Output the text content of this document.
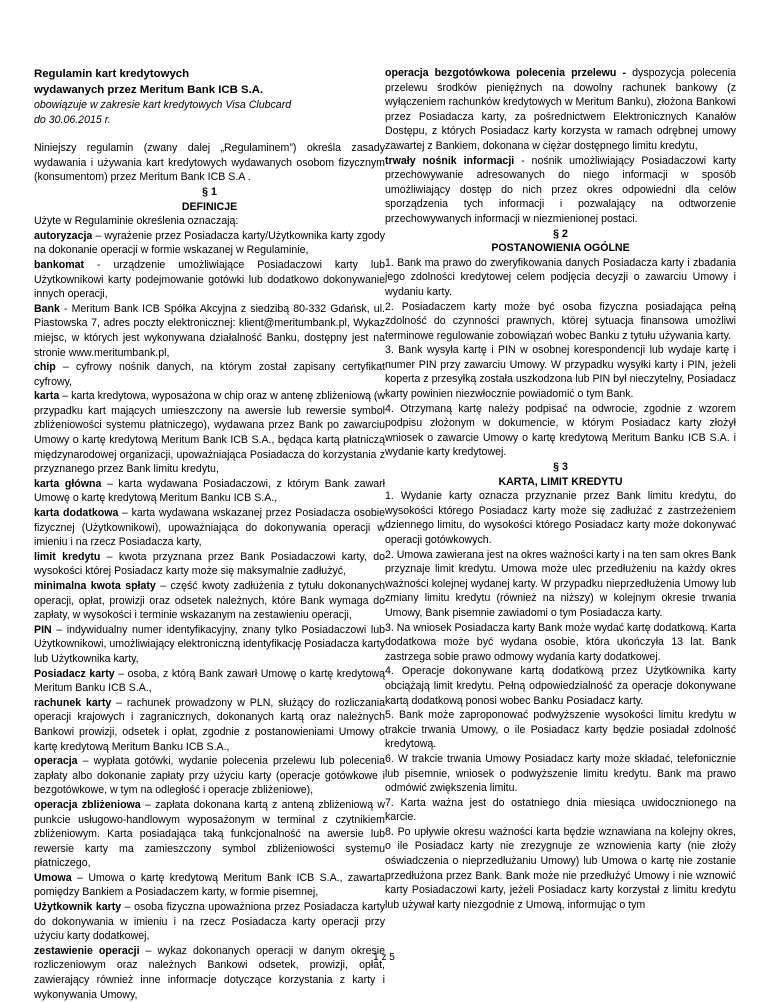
Regulamin kart kredytowych

wydawanych przez Meritum Bank ICB S.A.

obowiązuje w zakresie kart kredytowych Visa Clubcard

do 30.06.2015 r.

Niniejszy regulamin (zwany dalej „Regulaminem”) określa zasady wydawania i używania kart kredytowych wydawanych osobom fizycznym (konsumentom) przez Meritum Bank ICB S.A .

§ 1

DEFINICJE

Użyte w Regulaminie określenia oznaczają:

autoryzacja – wyrażenie przez Posiadacza karty/Użytkownika karty zgody na dokonanie operacji w formie wskazanej w Regulaminie,

bankomat - urządzenie umożliwiające Posiadaczowi karty lub Użytkownikowi karty podejmowanie gotówki lub dodatkowo dokonywanie innych operacji,

Bank - Meritum Bank ICB Spółka Akcyjna z siedzibą 80-332 Gdańsk, ul. Piastowska 7, adres poczty elektronicznej: klient@meritumbank.pl, Wykaz miejsc, w których jest wykonywana działalność Banku, dostępny jest na stronie www.meritumbank.pl,

chip – cyfrowy nośnik danych, na którym został zapisany certyfikat cyfrowy,

karta – karta kredytowa, wyposażona w chip oraz w antenę zbliżeniową (w przypadku kart mających umieszczony na awersie lub rewersie symbol zbliżeniowości systemu płatniczego), wydawana przez Bank po zawarciu Umowy o kartę kredytową Meritum Bank ICB S.A., będąca kartą płatniczą międzynarodowej organizacji, upoważniająca Posiadacza do korzystania z przyznanego przez Bank limitu kredytu,

karta główna – karta wydawana Posiadaczowi, z którym Bank zawarł Umowę o kartę kredytową Meritum Banku ICB S.A.,

karta dodatkowa – karta wydawana wskazanej przez Posiadacza osobie fizycznej (Użytkownikowi), upoważniająca do dokonywania operacji w imieniu i na rzecz Posiadacza karty,

limit kredytu – kwota przyznana przez Bank Posiadaczowi karty, do wysokości której Posiadacz karty może się maksymalnie zadłużyć,

minimalna kwota spłaty – część kwoty zadłużenia z tytułu dokonanych operacji, opłat, prowizji oraz odsetek należnych, które Bank wymaga do zapłaty, w wysokości i terminie wskazanym na zestawieniu operacji,

PIN – indywidualny numer identyfikacyjny, znany tylko Posiadaczowi lub Użytkownikowi, umożliwiający elektroniczną identyfikację Posiadacza karty lub Użytkownika karty,

Posiadacz karty – osoba, z którą Bank zawarł Umowę o kartę kredytową Meritum Banku ICB S.A.,

rachunek karty – rachunek prowadzony w PLN, służący do rozliczania operacji krajowych i zagranicznych, dokonanych kartą oraz należnych Bankowi prowizji, odsetek i opłat, zgodnie z postanowieniami Umowy o kartę kredytową Meritum Banku ICB S.A.,

operacja – wypłata gotówki, wydanie polecenia przelewu lub polecenia zapłaty albo dokonanie zapłaty przy użyciu karty (operacje gotówkowe i bezgotówkowe, w tym na odległość i operacje zbliżeniowe),

operacja zbliżeniowa – zapłata dokonana kartą z anteną zbliżeniową w punkcie usługowo-handlowym wyposażonym w terminal z czytnikiem zbliżeniowym. Karta posiadająca taką funkcjonalność na awersie lub rewersie karty ma zamieszczony symbol zbliżeniowości systemu płatniczego,

Umowa – Umowa o kartę kredytową Meritum Bank ICB S.A., zawarta pomiędzy Bankiem a Posiadaczem karty, w formie pisemnej,

Użytkownik karty – osoba fizyczna upoważniona przez Posiadacza karty do dokonywania w imieniu i na rzecz Posiadacza karty operacji przy użyciu karty dodatkowej,

zestawienie operacji – wykaz dokonanych operacji w danym okresie rozliczeniowym oraz należnych Bankowi odsetek, prowizji, opłat, zawierający również inne informacje dotyczące korzystania z karty i wykonywania Umowy,

operacja bezgotówkowa polecenia przelewu - dyspozycja polecenia przelewu środków pieniężnych na dowolny rachunek bankowy (z wyłączeniem rachunków kredytowych w Meritum Banku), złożona Bankowi przez Posiadacza karty, za pośrednictwem Elektronicznych Kanałów Dostępu, z których Posiadacz karty korzysta w ramach odrębnej umowy zawartej z Bankiem, dokonana w ciężar dostępnego limitu kredytu,

trwały nośnik informacji - nośnik umożliwiający Posiadaczowi karty przechowywanie adresowanych do niego informacji w sposób umożliwiający dostęp do nich przez okres odpowiedni dla celów sporządzenia tych informacji i pozwalający na odtworzenie przechowywanych informacji w niezmienionej postaci.

§ 2

POSTANOWIENIA OGÓLNE

1. Bank ma prawo do zweryfikowania danych Posiadacza karty i zbadania jego zdolności kredytowej celem podjęcia decyzji o zawarciu Umowy i wydaniu karty.

2. Posiadaczem karty może być osoba fizyczna posiadająca pełną zdolność do czynności prawnych, której sytuacja finansowa umożliwi terminowe regulowanie zobowiązań wobec Banku z tytułu używania karty.

3. Bank wysyła kartę i PIN w osobnej korespondencji lub wydaje kartę i numer PIN przy zawarciu Umowy. W przypadku wysyłki karty i PIN, jeżeli koperta z przesyłką została uszkodzona lub PIN był nieczytelny, Posiadacz karty powinien niezwłocznie powiadomić o tym Bank.

4. Otrzymaną kartę należy podpisać na odwrocie, zgodnie z wzorem podpisu złożonym w dokumencie, w którym Posiadacz karty złożył wniosek o zawarcie Umowy o kartę kredytową Meritum Banku ICB S.A. i wydanie karty kredytowej.

§ 3

KARTA, LIMIT KREDYTU

1. Wydanie karty oznacza przyznanie przez Bank limitu kredytu, do wysokości którego Posiadacz karty może się zadłużać z zastrzeżeniem dziennego limitu, do wysokości którego Posiadacz karty może dokonywać operacji gotówkowych.

2. Umowa zawierana jest na okres ważności karty i na ten sam okres Bank przyznaje limit kredytu. Umowa może ulec przedłużeniu na każdy okres ważności kolejnej wydanej karty. W przypadku nieprzedłużenia Umowy lub zmiany limitu kredytu (również na niższy) w kolejnym okresie trwania Umowy, Bank pisemnie zawiadomi o tym Posiadacza karty.

3. Na wniosek Posiadacza karty Bank może wydać kartę dodatkową. Karta dodatkowa może być wydana osobie, która ukończyła 13 lat. Bank zastrzega sobie prawo odmowy wydania karty dodatkowej.

4. Operacje dokonywane kartą dodatkową przez Użytkownika karty obciążają limit kredytu. Pełną odpowiedzialność za operacje dokonywane kartą dodatkową ponosi wobec Banku Posiadacz karty.

5. Bank może zaproponować podwyższenie wysokości limitu kredytu w trakcie trwania Umowy, o ile Posiadacz karty będzie posiadał zdolność kredytową.

6. W trakcie trwania Umowy Posiadacz karty może składać, telefonicznie lub pisemnie, wniosek o podwyższenie limitu kredytu. Bank ma prawo odmówić zwiększenia limitu.

7. Karta ważna jest do ostatniego dnia miesiąca uwidocznionego na karcie.

8. Po upływie okresu ważności karta będzie wznawiana na kolejny okres, o ile Posiadacz karty nie zrezygnuje ze wznowienia karty (nie złoży oświadczenia o nieprzedłużaniu Umowy) lub Umowa o kartę nie zostanie przedłużona przez Bank. Bank może nie przedłużyć Umowy i nie wznowić karty Posiadaczowi karty, jeżeli Posiadacz karty korzystał z limitu kredytu lub używał karty niezgodnie z Umową, informując o tym

1 z 5
